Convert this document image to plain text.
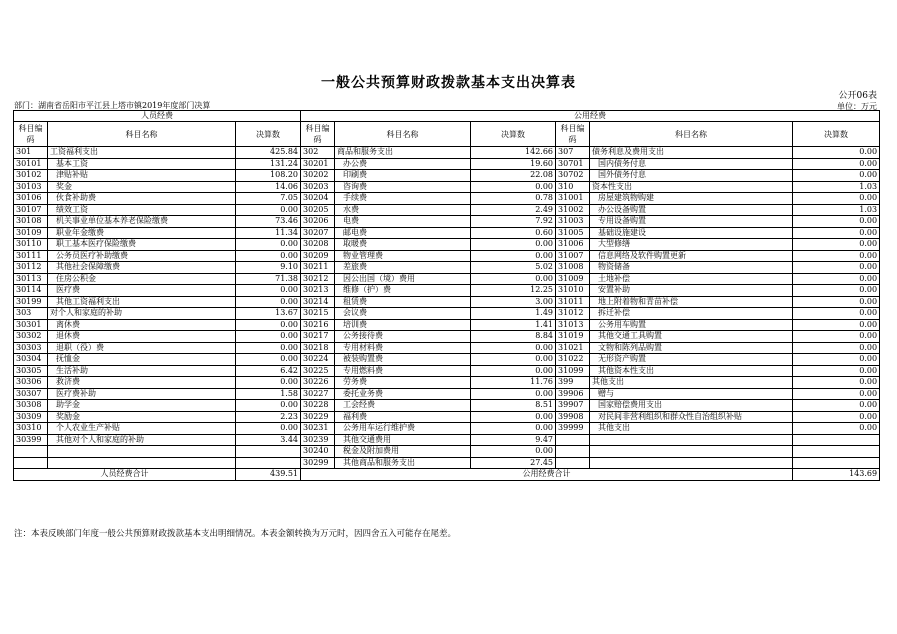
一般公共预算财政拨款基本支出决算表
公开06表
部门：湖南省岳阳市平江县上塔市镇2019年度部门决算	单位：万元
人员经费			公用经费					
科目编码	科目名称	决算数	科目编码	科目名称	决算数	科目编码	科目名称	决算数
301	工资福利支出	425.84	302	商品和服务支出	142.66	307	债务利息及费用支出	0.00
30101	基本工资	131.24	30201	办公费	19.60	30701	国内债务付息	0.00
30102	津贴补贴	108.20	30202	印刷费	22.08	30702	国外债务付息	0.00
30103	奖金	14.06	30203	咨询费	0.00	310	资本性支出	1.03
30106	伙食补助费	7.05	30204	手续费	0.78	31001	房屋建筑物购建	0.00
30107	绩效工资	0.00	30205	水费	2.49	31002	办公设备购置	1.03
30108	机关事业单位基本养老保险缴费	73.46	30206	电费	7.92	31003	专用设备购置	0.00
30109	职业年金缴费	11.34	30207	邮电费	0.60	31005	基础设施建设	0.00
30110	职工基本医疗保险缴费	0.00	30208	取暖费	0.00	31006	大型修缮	0.00
30111	公务员医疗补助缴费	0.00	30209	物业管理费	0.00	31007	信息网络及软件购置更新	0.00
30112	其他社会保障缴费	9.10	30211	差旅费	5.02	31008	物资储备	0.00
30113	住房公积金	71.38	30212	因公出国（境）费用	0.00	31009	土地补偿	0.00
30114	医疗费	0.00	30213	维修（护）费	12.25	31010	安置补助	0.00
30199	其他工资福利支出	0.00	30214	租赁费	3.00	31011	地上附着物和青苗补偿	0.00
303	对个人和家庭的补助	13.67	30215	会议费	1.49	31012	拆迁补偿	0.00
30301	离休费	0.00	30216	培训费	1.41	31013	公务用车购置	0.00
30302	退休费	0.00	30217	公务接待费	8.84	31019	其他交通工具购置	0.00
30303	退职（役）费	0.00	30218	专用材料费	0.00	31021	文物和陈列品购置	0.00
30304	抚恤金	0.00	30224	被装购置费	0.00	31022	无形资产购置	0.00
30305	生活补助	6.42	30225	专用燃料费	0.00	31099	其他资本性支出	0.00
30306	救济费	0.00	30226	劳务费	11.76	399	其他支出	0.00
30307	医疗费补助	1.58	30227	委托业务费	0.00	39906	赠与	0.00
30308	助学金	0.00	30228	工会经费	8.51	39907	国家赔偿费用支出	0.00
30309	奖励金	2.23	30229	福利费	0.00	39908	对民间非营利组织和群众性自治组织补贴	0.00
30310	个人农业生产补贴	0.00	30231	公务用车运行维护费	0.00	39999	其他支出	0.00
30399	其他对个人和家庭的补助	3.44	30239	其他交通费用	9.47			
			30240	税金及附加费用	0.00			
			30299	其他商品和服务支出	27.45			
人员经费合计		439.51	公用经费合计					143.69
注：本表反映部门年度一般公共预算财政拨款基本支出明细情况。本表金额转换为万元时，因四舍五入可能存在尾差。
